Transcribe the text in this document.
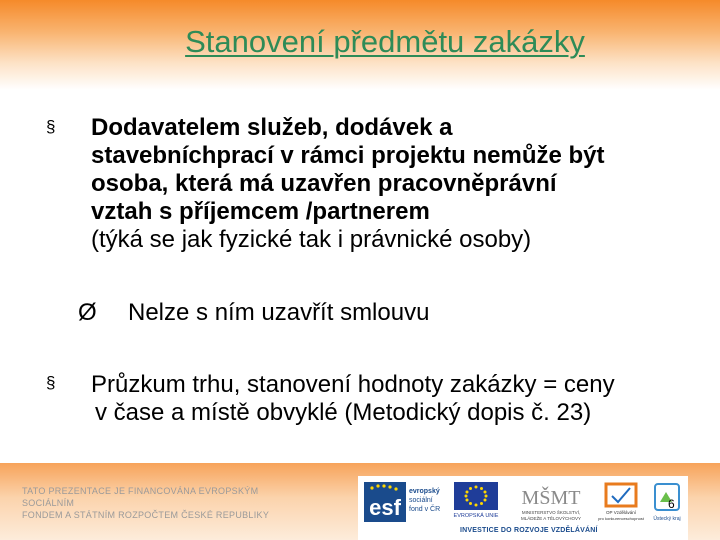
Stanovení předmětu zakázky
§ Dodavatelem služeb, dodávek a
stavebníchprací v rámci projektu nemůže být
osoba, která má uzavřen pracovněprávní
vztah s příjemcem /partnerem
(týká se jak fyzické tak i právnické osoby)
Ø Nelze s ním uzavřít smlouvu
§ Průzkum trhu, stanovení hodnoty zakázky = ceny
v čase a místě obvyklé (Metodický dopis č. 23)
TATO PREZENTACE JE FINANCOVÁNA EVROPSKÝM SOCIÁLNÍM
FONDEM A STÁTNÍM ROZPOČTEM ČESKÉ REPUBLIKY	esf
evropský
sociální
fond v ČR
EVROPSKÁ UNIE
MŠMT
MINISTERSTVO ŠKOLSTVÍ,
MLÁDEŽE A TĚLOVÝCHOVY
OP Vzdělávání
pro konkurenceschopnost Ústecký kraj
INVESTICE DO ROZVOJE VZDĚLÁVÁNÍ
6
